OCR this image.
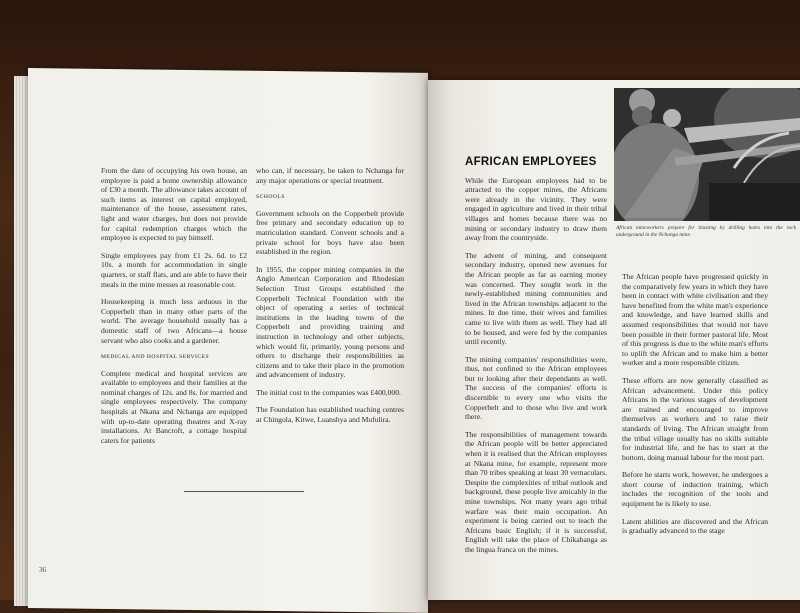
From the date of occupying his own house, an employee is paid a home ownership allowance of £30 a month. The allowance takes account of such items as interest on capital employed, maintenance of the house, assessment rates, light and water charges, but does not provide for capital redemption charges which the employee is expected to pay himself.

Single employees pay from £1 2s. 6d. to £2 10s. a month for accommodation in single quarters, or staff flats, and are able to have their meals in the mine messes at reasonable cost.

Housekeeping is much less arduous in the Copperbelt than in many other parts of the world. The average household usually has a domestic staff of two Africans—a house servant who also cooks and a gardener.

MEDICAL AND HOSPITAL SERVICES

Complete medical and hospital services are available to employees and their families at the nominal charges of 12s. and 8s. for married and single employees respectively. The company hospitals at Nkana and Nchanga are equipped with up-to-date operating theatres and X-ray installations. At Bancroft, a cottage hospital caters for patients

who can, if necessary, be taken to Nchanga for any major operations or special treatment.

SCHOOLS

Government schools on the Copperbelt provide free primary and secondary education up to matriculation standard. Convent schools and a private school for boys have also been established in the region.

In 1955, the copper mining companies in the Anglo American Corporation and Rhodesian Selection Trust Groups established the Copperbelt Technical Foundation with the object of operating a series of technical institutions in the leading towns of the Copperbelt and providing training and instruction in technology and other subjects, which would fit, primarily, young persons and others to discharge their responsibilities as citizens and to take their place in the promotion and advancement of industry.

The initial cost to the companies was £400,000.

The Foundation has established teaching centres at Chingola, Kitwe, Luanshya and Mufulira.

36
AFRICAN EMPLOYEES

While the European employees had to be attracted to the copper mines, the Africans were already in the vicinity. They were engaged in agriculture and lived in their tribal villages and homes because there was no mining or secondary industry to draw them away from the countryside.

The advent of mining, and consequent secondary industry, opened new avenues for the African people as far as earning money was concerned. They sought work in the newly-established mining communities and lived in the African townships adjacent to the mines. In due time, their wives and families came to live with them as well. They had all to be housed, and were fed by the companies until recently.

The mining companies' responsibilities were, thus, not confined to the African employees but to looking after their dependants as well. The success of the companies' efforts is discernible to every one who visits the Copperbelt and to those who live and work there.

The responsibilities of management towards the African people will be better appreciated when it is realised that the African employees at Nkana mine, for example, represent more than 70 tribes speaking at least 30 vernaculars. Despite the complexities of tribal outlook and background, these people live amicably in the mine townships. Not many years ago tribal warfare was their main occupation. An experiment is being carried out to teach the Africans basic English; if it is successful, English will take the place of Chikabanga as the lingua franca on the mines.

African mineworkers prepare for blasting by drilling holes into the rock underground in the Nchanga mine.

The African people have progressed quickly in the comparatively few years in which they have been in contact with white civilisation and they have benefited from the white man's experience and knowledge, and have learned skills and assumed responsibilities that would not have been possible in their former pastoral life. Most of this progress is due to the white man's efforts to uplift the African and to make him a better worker and a more responsible citizen.

These efforts are now generally classified as African advancement. Under this policy Africans in the various stages of development are trained and encouraged to improve themselves as workers and to raise their standards of living. The African straight from the tribal village usually has no skills suitable for industrial life, and he has to start at the bottom, doing manual labour for the most part.

Before he starts work, however, he undergoes a short course of induction training, which includes the recognition of the tools and equipment he is likely to use.

Latent abilities are discovered and the African is gradually advanced to the stage
